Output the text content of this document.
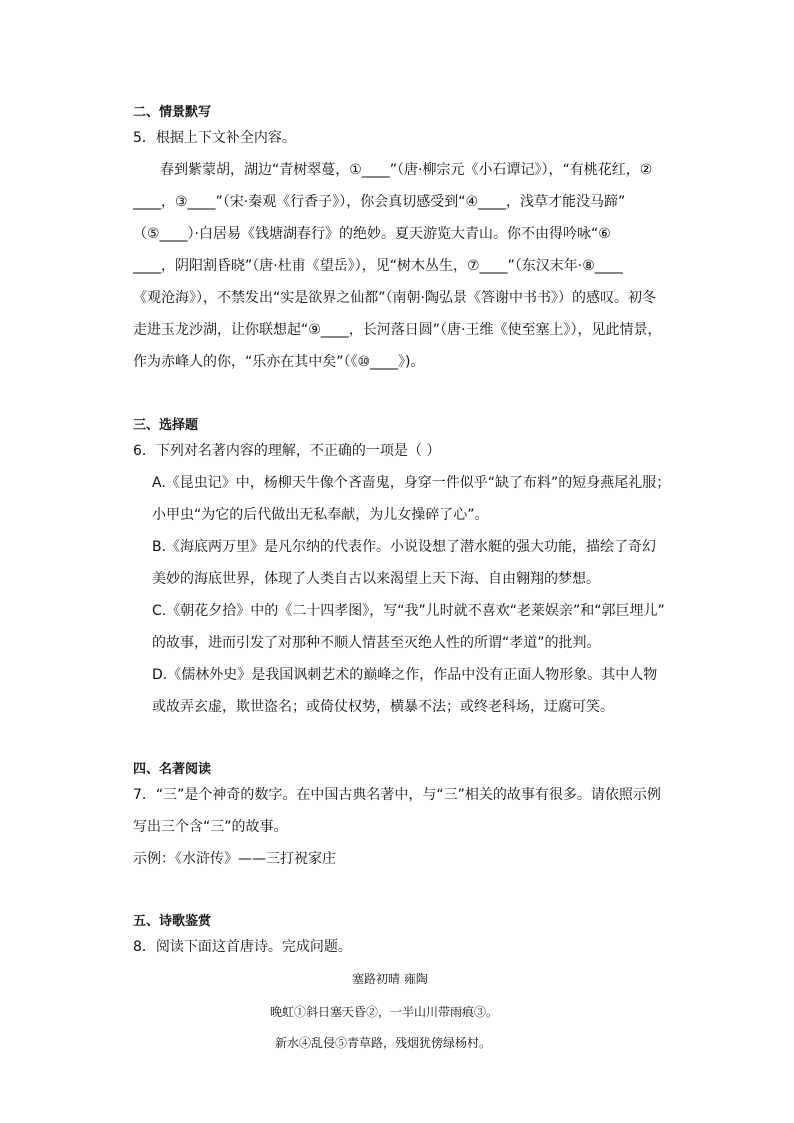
二、情景默写
5．根据上下文补全内容。
春到紫蒙胡，湖边“青树翠蔓，①____”（唐·柳宗元《小石谭记》），“有桃花红，②
____，③____”（宋·秦观《行香子》），你会真切感受到“④____，浅草才能没马蹄”
（⑤____）·白居易《钱塘湖春行》的绝妙。夏天游览大青山。你不由得吟咏“⑥
____，阴阳割昏晓”（唐·杜甫《望岳》），见“树木丛生，⑦____”（东汉末年·⑧____
《观沧海》），不禁发出“实是欲界之仙都”（南朝·陶弘景《答谢中书书》）的感叹。初冬
走进玉龙沙湖，让你联想起“⑨____，长河落日圆”（唐·王维《使至塞上》），见此情景，
作为赤峰人的你，“乐亦在其中矣”（《⑩____》)。
三、选择题
6．下列对名著内容的理解，不正确的一项是（ ）
A.《昆虫记》中，杨柳天牛像个吝啬鬼，身穿一件似乎“缺了布料”的短身燕尾礼服；
小甲虫“为它的后代做出无私奉献，为儿女操碎了心”。
B.《海底两万里》是凡尔纳的代表作。小说设想了潜水艇的强大功能，描绘了奇幻
美妙的海底世界，体现了人类自古以来渴望上天下海、自由翱翔的梦想。
C.《朝花夕拾》中的《二十四孝图》，写“我”儿时就不喜欢“老莱娱亲”和“郭巨埋儿”
的故事，进而引发了对那种不顺人情甚至灭绝人性的所谓“孝道”的批判。
D.《儒林外史》是我国讽刺艺术的巅峰之作，作品中没有正面人物形象。其中人物
或故弄玄虚，欺世盗名；或倚仗权势，横暴不法；或终老科场，迂腐可笑。
四、名著阅读
7．“三”是个神奇的数字。在中国古典名著中，与“三”相关的故事有很多。请依照示例
写出三个含“三”的故事。
示例：《水浒传》——三打祝家庄
五、诗歌鉴赏
8．阅读下面这首唐诗。完成问题。
塞路初晴 雍陶
晚虹①斜日塞天昏②，一半山川带雨痕③。
新水④乱侵⑤青草路，残烟犹傍绿杨村。
